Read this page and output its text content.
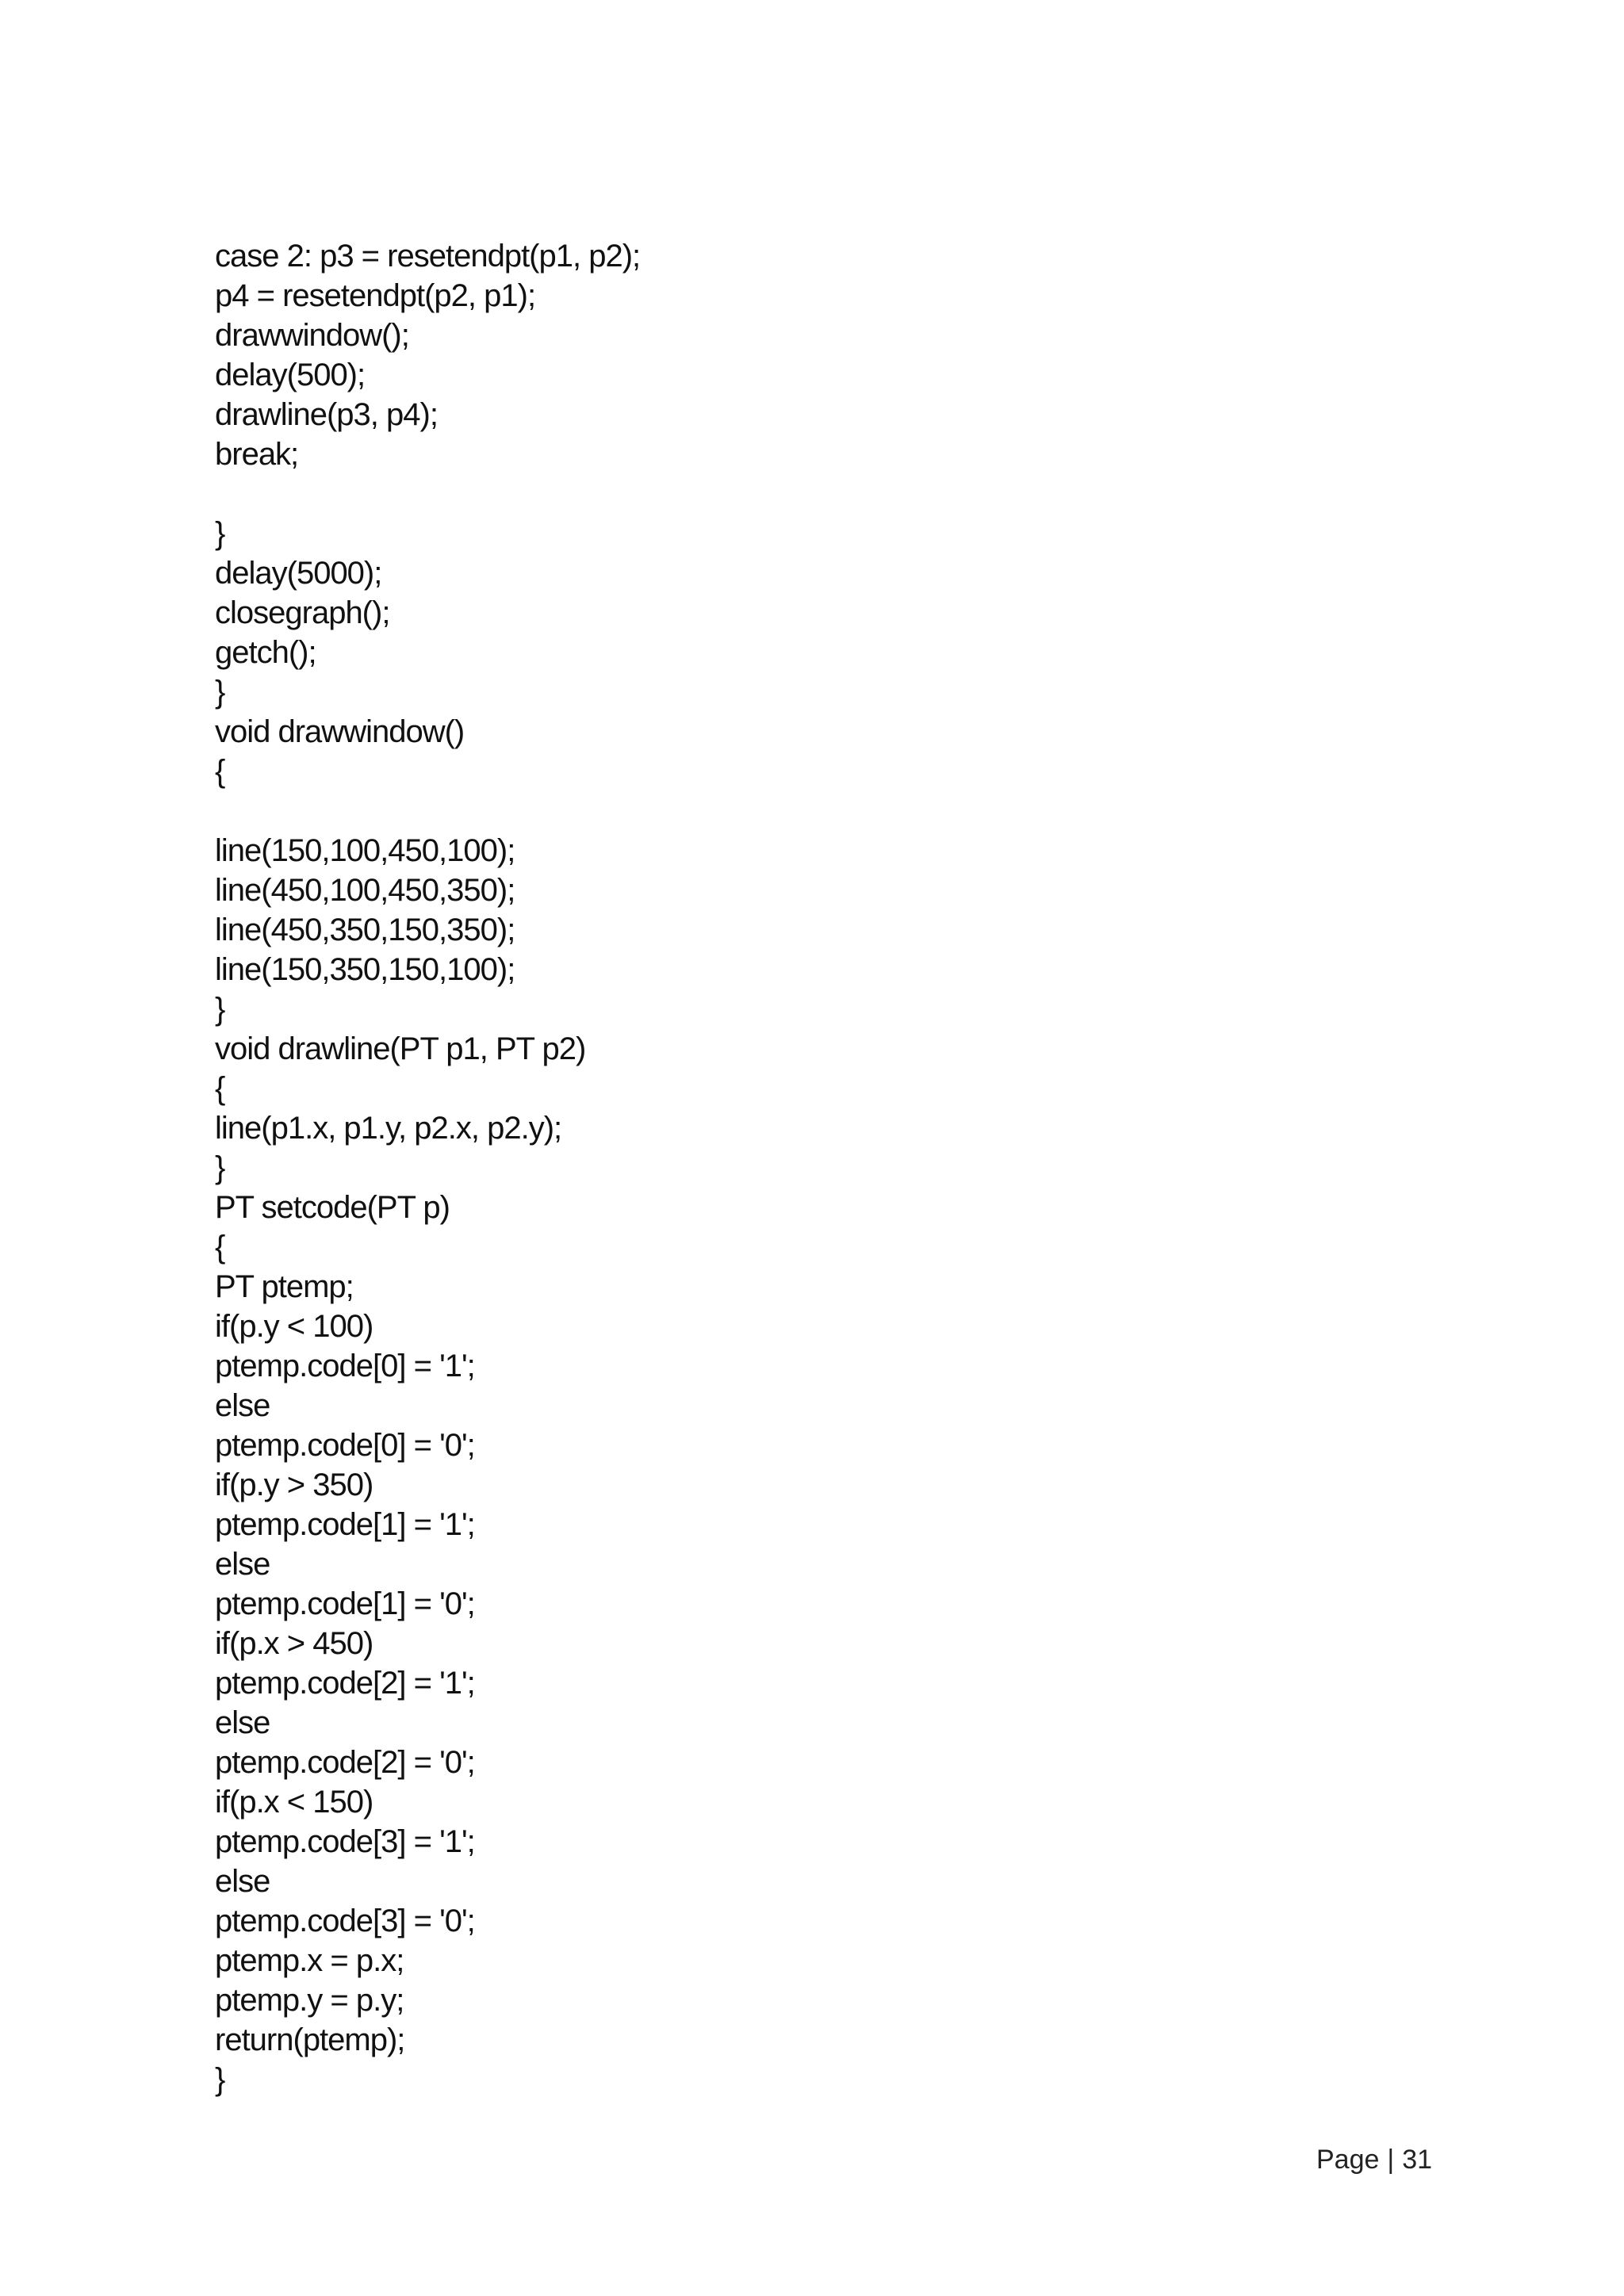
case 2: p3 = resetendpt(p1, p2);
p4 = resetendpt(p2, p1);
drawwindow();
delay(500);
drawline(p3, p4);
break;
}
delay(5000);
closegraph();
getch();
}
void drawwindow()
{
line(150,100,450,100);
line(450,100,450,350);
line(450,350,150,350);
line(150,350,150,100);
}
void drawline(PT p1, PT p2)
{
line(p1.x, p1.y, p2.x, p2.y);
}
PT setcode(PT p)
{
PT ptemp;
if(p.y < 100)
ptemp.code[0] = '1';
else
ptemp.code[0] = '0';
if(p.y > 350)
ptemp.code[1] = '1';
else
ptemp.code[1] = '0';
if(p.x > 450)
ptemp.code[2] = '1';
else
ptemp.code[2] = '0';
if(p.x < 150)
ptemp.code[3] = '1';
else
ptemp.code[3] = '0';
ptemp.x = p.x;
ptemp.y = p.y;
return(ptemp);
}
Page | 31
